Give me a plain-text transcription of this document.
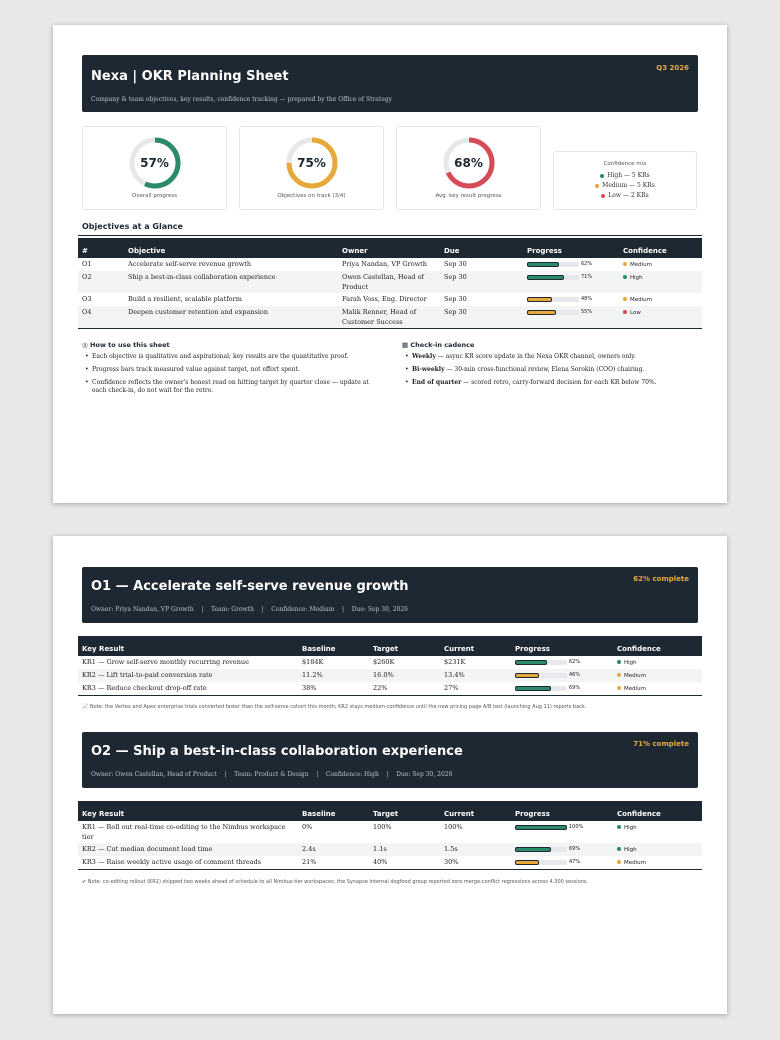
Nexa | OKR Planning Sheet
Q3 2026
Company & team objectives, key results, confidence tracking — prepared by the Office of Strategy
57%
Overall progress
75%
Objectives on track (3/4)
68%
Avg. key result progress
Confidence mix
High — 5 KRs
Medium — 5 KRs
Low — 2 KRs
Objectives at a Glance
#	Objective	Owner	Due	Progress	Confidence
O1	Accelerate self-serve revenue growth	Priya Nandan, VP Growth	Sep 30	62%	Medium
O2	Ship a best-in-class collaboration experience	Owen Castellan, Head of Product	Sep 30	71%	High
O3	Build a resilient, scalable platform	Farah Voss, Eng. Director	Sep 30	48%	Medium
O4	Deepen customer retention and expansion	Malik Renner, Head of Customer Success	Sep 30	55%	Low
◎ How to use this sheet
• Each objective is qualitative and aspirational; key results are the quantitative proof.
• Progress bars track measured value against target, not effort spent.
• Confidence reflects the owner's honest read on hitting target by quarter close — update at each check-in, do not wait for the retro.
▦ Check-in cadence
• Weekly — async KR score update in the Nexa OKR channel, owners only.
• Bi-weekly — 30-min cross-functional review, Elena Sorokin (COO) chairing.
• End of quarter — scored retro, carry-forward decision for each KR below 70%.
O1 — Accelerate self-serve revenue growth	62% complete
Owner: Priya Nandan, VP Growth    |    Team: Growth    |    Confidence: Medium    |    Due: Sep 30, 2026
Key Result	Baseline	Target	Current	Progress	Confidence
KR1 — Grow self-serve monthly recurring revenue	$184K	$260K	$231K	62%	High
KR2 — Lift trial-to-paid conversion rate	11.2%	16.0%	13.4%	46%	Medium
KR3 — Reduce checkout drop-off rate	38%	22%	27%	69%	Medium
📈 Note: the Vertex and Apex enterprise trials converted faster than the self-serve cohort this month; KR2 stays medium-confidence until the new pricing page A/B test (launching Aug 11) reports back.
O2 — Ship a best-in-class collaboration experience	71% complete
Owner: Owen Castellan, Head of Product    |    Team: Product & Design    |    Confidence: High    |    Due: Sep 30, 2026
Key Result	Baseline	Target	Current	Progress	Confidence
KR1 — Roll out real-time co-editing to the Nimbus workspace tier	0%	100%	100%	100%	High
KR2 — Cut median document load time	2.4s	1.1s	1.5s	69%	High
KR3 — Raise weekly active usage of comment threads	21%	40%	30%	47%	Medium
✔ Note: co-editing rollout (KR1) shipped two weeks ahead of schedule to all Nimbus-tier workspaces; the Synapse internal dogfood group reported zero merge-conflict regressions across 4,300 sessions.
